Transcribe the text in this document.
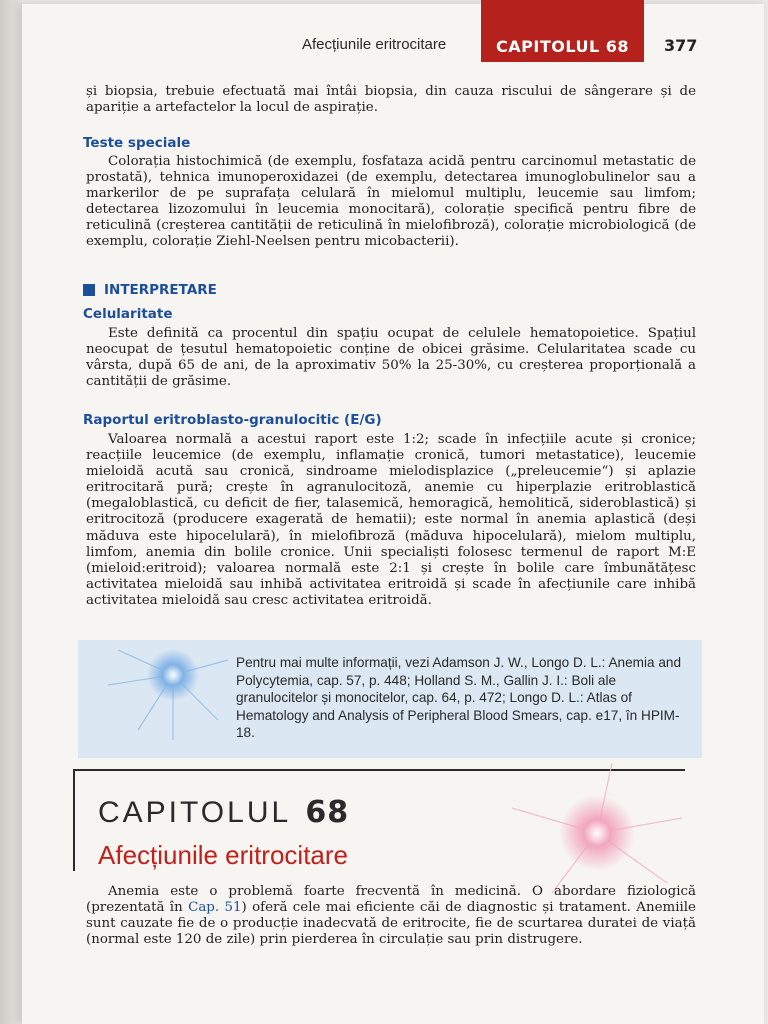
Afecțiunile eritrocitare	CAPITOLUL 68	377

și biopsia, trebuie efectuată mai întâi biopsia, din cauza riscului de sângerare și de apariție a artefactelor la locul de aspirație.

Teste speciale

Colorația histochimică (de exemplu, fosfataza acidă pentru carcinomul metastatic de prostată), tehnica imunoperoxidazei (de exemplu, detectarea imunoglobulinelor sau a markerilor de pe suprafața celulară în mielomul multiplu, leucemie sau limfom; detectarea lizozomului în leucemia monocitară), colorație specifică pentru fibre de reticulină (creșterea cantității de reticulină în mielofibroză), colorație microbiologică (de exemplu, colorație Ziehl-Neelsen pentru micobacterii).

INTERPRETARE
Celularitate

Este definită ca procentul din spațiu ocupat de celulele hematopoietice. Spațiul neocupat de țesutul hematopoietic conține de obicei grăsime. Celularitatea scade cu vârsta, după 65 de ani, de la aproximativ 50% la 25-30%, cu creșterea proporțională a cantității de grăsime.

Raportul eritroblasto-granulocitic (E/G)

Valoarea normală a acestui raport este 1:2; scade în infecțiile acute și cronice; reacțiile leucemice (de exemplu, inflamație cronică, tumori metastatice), leucemie mieloidă acută sau cronică, sindroame mielodisplazice („preleucemie“) și aplazie eritrocitară pură; crește în agranulocitoză, anemie cu hiperplazie eritroblastică (megaloblastică, cu deficit de fier, talasemică, hemoragică, hemolitică, sideroblastică) și eritrocitoză (producere exagerată de hematii); este normal în anemia aplastică (deși măduva este hipocelulară), în mielofibroză (măduva hipocelulară), mielom multiplu, limfom, anemia din bolile cronice. Unii specialiști folosesc termenul de raport M:E (mieloid:eritroid); valoarea normală este 2:1 și crește în bolile care îmbunătățesc activitatea mieloidă sau inhibă activitatea eritroidă și scade în afecțiunile care inhibă activitatea mieloidă sau cresc activitatea eritroidă.

Pentru mai multe informații, vezi Adamson J. W., Longo D. L.: Anemia and Polycytemia, cap. 57, p. 448; Holland S. M., Gallin J. I.: Boli ale granulocitelor și monocitelor, cap. 64, p. 472; Longo D. L.: Atlas of Hematology and Analysis of Peripheral Blood Smears, cap. e17, în HPIM-18.
CAPITOLUL 68
Afecțiunile eritrocitare

Anemia este o problemă foarte frecventă în medicină. O abordare fiziologică (prezentată în Cap. 51) oferă cele mai eficiente căi de diagnostic și tratament. Anemiile sunt cauzate fie de o producție inadecvată de eritrocite, fie de scurtarea duratei de viață (normal este 120 de zile) prin pierderea în circulație sau prin distrugere.
